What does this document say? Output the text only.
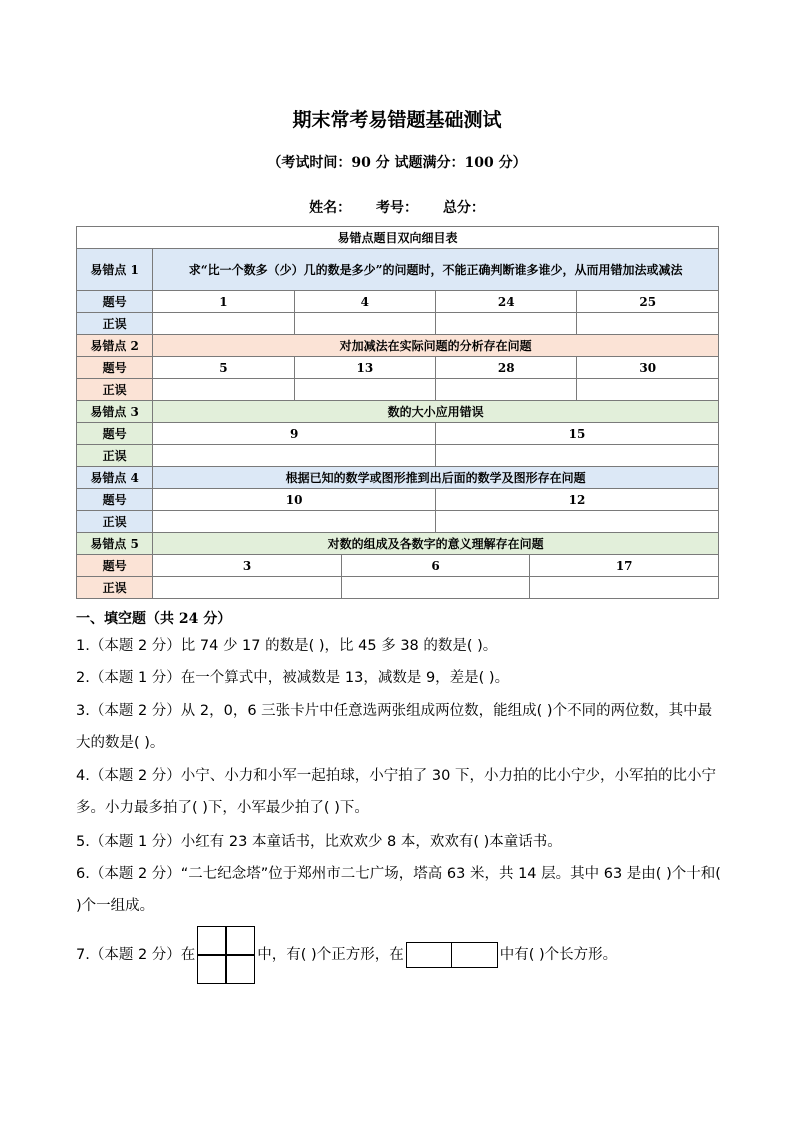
期末常考易错题基础测试
（考试时间：90 分 试题满分：100 分）
姓名： 考号： 总分：
易错点题目双向细目表						
易错点 1	求“比一个数多（少）几的数是多少”的问题时，不能正确判断谁多谁少，从而用错加法或减法					
题号	1	4		24		25
正误						
易错点 2	对加减法在实际问题的分析存在问题					
题号	5	13		28		30
正误						
易错点 3	数的大小应用错误					
题号	9			15		
正误						
易错点 4	根据已知的数学或图形推到出后面的数学及图形存在问题					
题号	10			12		
正误						
易错点 5	对数的组成及各数字的意义理解存在问题					
题号	3		6		17	
正误						
一、填空题（共 24 分）
1.（本题 2 分）比 74 少 17 的数是( )，比 45 多 38 的数是( )。
2.（本题 1 分）在一个算式中，被减数是 13，减数是 9，差是( )。
3.（本题 2 分）从 2，0，6 三张卡片中任意选两张组成两位数，能组成( )个不同的两位数，其中最大的数是( )。
4.（本题 2 分）小宁、小力和小军一起拍球，小宁拍了 30 下，小力拍的比小宁少，小军拍的比小宁多。小力最多拍了( )下，小军最少拍了( )下。
5.（本题 1 分）小红有 23 本童话书，比欢欢少 8 本，欢欢有( )本童话书。
6.（本题 2 分）“二七纪念塔”位于郑州市二七广场，塔高 63 米，共 14 层。其中 63 是由( )个十和( )个一组成。
7.（本题 2 分）在	中，有( )个正方形，在	中有( )个长方形。
